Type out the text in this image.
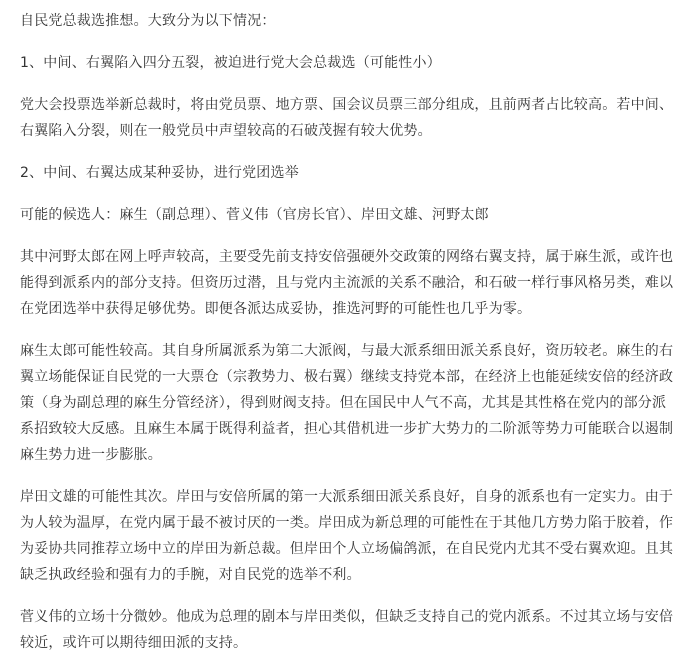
自民党总裁选推想。大致分为以下情况：

1、中间、右翼陷入四分五裂，被迫进行党大会总裁选（可能性小）

党大会投票选举新总裁时，将由党员票、地方票、国会议员票三部分组成，且前两者占比较高。若中间、右翼陷入分裂，则在一般党员中声望较高的石破茂握有较大优势。

2、中间、右翼达成某种妥协，进行党团选举

可能的候选人：麻生（副总理）、菅义伟（官房长官）、岸田文雄、河野太郎

其中河野太郎在网上呼声较高，主要受先前支持安倍强硬外交政策的网络右翼支持，属于麻生派，或许也能得到派系内的部分支持。但资历过潜，且与党内主流派的关系不融洽，和石破一样行事风格另类，难以在党团选举中获得足够优势。即便各派达成妥协，推选河野的可能性也几乎为零。

麻生太郎可能性较高。其自身所属派系为第二大派阀，与最大派系细田派关系良好，资历较老。麻生的右翼立场能保证自民党的一大票仓（宗教势力、极右翼）继续支持党本部，在经济上也能延续安倍的经济政策（身为副总理的麻生分管经济），得到财阀支持。但在国民中人气不高，尤其是其性格在党内的部分派系招致较大反感。且麻生本属于既得利益者，担心其借机进一步扩大势力的二阶派等势力可能联合以遏制麻生势力进一步膨胀。

岸田文雄的可能性其次。岸田与安倍所属的第一大派系细田派关系良好，自身的派系也有一定实力。由于为人较为温厚，在党内属于最不被讨厌的一类。岸田成为新总理的可能性在于其他几方势力陷于胶着，作为妥协共同推荐立场中立的岸田为新总裁。但岸田个人立场偏鸽派，在自民党内尤其不受右翼欢迎。且其缺乏执政经验和强有力的手腕，对自民党的选举不利。

菅义伟的立场十分微妙。他成为总理的剧本与岸田类似，但缺乏支持自己的党内派系。不过其立场与安倍较近，或许可以期待细田派的支持。
